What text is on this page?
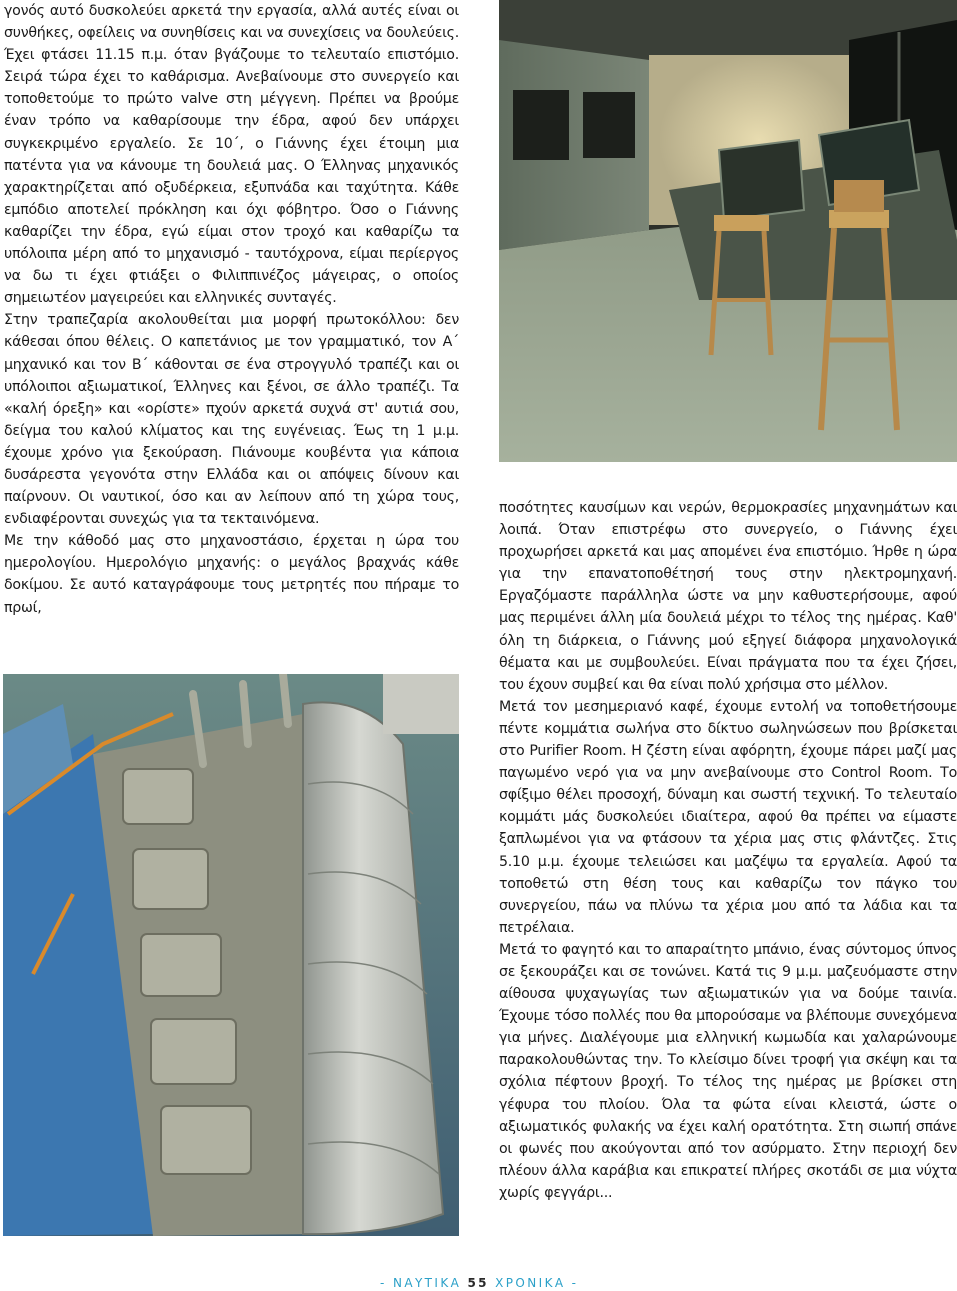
γονός αυτό δυσκολεύει αρκετά την εργασία, αλλά αυτές είναι οι συνθήκες, οφείλεις να συνηθίσεις και να συνεχίσεις να δουλεύεις. Έχει φτάσει 11.15 π.μ. όταν βγάζουμε το τελευταίο επιστόμιο. Σειρά τώρα έχει το καθάρισμα. Ανεβαίνουμε στο συνεργείο και τοποθετούμε το πρώτο valve στη μέγγενη. Πρέπει να βρούμε έναν τρόπο να καθαρίσουμε την έδρα, αφού δεν υπάρχει συγκεκριμένο εργαλείο. Σε 10΄, ο Γιάννης έχει έτοιμη μια πατέντα για να κάνουμε τη δουλειά μας. Ο Έλληνας μηχανικός χαρακτηρίζεται από οξυδέρκεια, εξυπνάδα και ταχύτητα. Κάθε εμπόδιο αποτελεί πρόκληση και όχι φόβητρο. Όσο ο Γιάννης καθαρίζει την έδρα, εγώ είμαι στον τροχό και καθαρίζω τα υπόλοιπα μέρη από το μηχανισμό - ταυτόχρονα, είμαι περίεργος να δω τι έχει φτιάξει ο Φιλιππινέζος μάγειρας, ο οποίος σημειωτέον μαγειρεύει και ελληνικές συνταγές.

Στην τραπεζαρία ακολουθείται μια μορφή πρωτοκόλλου: δεν κάθεσαι όπου θέλεις. Ο καπετάνιος με τον γραμματικό, τον Α΄ μηχανικό και τον Β΄ κάθονται σε ένα στρογγυλό τραπέζι και οι υπόλοιποι αξιωματικοί, Έλληνες και ξένοι, σε άλλο τραπέζι. Τα «καλή όρεξη» και «ορίστε» πχούν αρκετά συχνά στ' αυτιά σου, δείγμα του καλού κλίματος και της ευγένειας. Έως τη 1 μ.μ. έχουμε χρόνο για ξεκούραση. Πιάνουμε κουβέντα για κάποια δυσάρεστα γεγονότα στην Ελλάδα και οι απόψεις δίνουν και παίρνουν. Οι ναυτικοί, όσο και αν λείπουν από τη χώρα τους, ενδιαφέρονται συνεχώς για τα τεκταινόμενα.

Με την κάθοδό μας στο μηχανοστάσιο, έρχεται η ώρα του ημερολογίου. Ημερολόγιο μηχανής: ο μεγάλος βραχνάς κάθε δοκίμου. Σε αυτό καταγράφουμε τους μετρητές που πήραμε το πρωί,

ποσότητες καυσίμων και νερών, θερμοκρασίες μηχανημάτων και λοιπά. Όταν επιστρέφω στο συνεργείο, ο Γιάννης έχει προχωρήσει αρκετά και μας απομένει ένα επιστόμιο. Ήρθε η ώρα για την επανατοποθέτησή τους στην ηλεκτρομηχανή. Εργαζόμαστε παράλληλα ώστε να μην καθυστερήσουμε, αφού μας περιμένει άλλη μία δουλειά μέχρι το τέλος της ημέρας. Καθ' όλη τη διάρκεια, ο Γιάννης μού εξηγεί διάφορα μηχανολογικά θέματα και με συμβουλεύει. Είναι πράγματα που τα έχει ζήσει, του έχουν συμβεί και θα είναι πολύ χρήσιμα στο μέλλον.

Μετά τον μεσημεριανό καφέ, έχουμε εντολή να τοποθετήσουμε πέντε κομμάτια σωλήνα στο δίκτυο σωληνώσεων που βρίσκεται στο Purifier Room. Η ζέστη είναι αφόρητη, έχουμε πάρει μαζί μας παγωμένο νερό για να μην ανεβαίνουμε στο Control Room. Το σφίξιμο θέλει προσοχή, δύναμη και σωστή τεχνική. Το τελευταίο κομμάτι μάς δυσκολεύει ιδιαίτερα, αφού θα πρέπει να είμαστε ξαπλωμένοι για να φτάσουν τα χέρια μας στις φλάντζες. Στις 5.10 μ.μ. έχουμε τελειώσει και μαζέψω τα εργαλεία. Αφού τα τοποθετώ στη θέση τους και καθαρίζω τον πάγκο του συνεργείου, πάω να πλύνω τα χέρια μου από τα λάδια και τα πετρέλαια.

Μετά το φαγητό και το απαραίτητο μπάνιο, ένας σύντομος ύπνος σε ξεκουράζει και σε τονώνει. Κατά τις 9 μ.μ. μαζευόμαστε στην αίθουσα ψυχαγωγίας των αξιωματικών για να δούμε ταινία. Έχουμε τόσο πολλές που θα μπορούσαμε να βλέπουμε συνεχόμενα για μήνες. Διαλέγουμε μια ελληνική κωμωδία και χαλαρώνουμε παρακολουθώντας την. Το κλείσιμο δίνει τροφή για σκέψη και τα σχόλια πέφτουν βροχή. Το τέλος της ημέρας με βρίσκει στη γέφυρα του πλοίου. Όλα τα φώτα είναι κλειστά, ώστε ο αξιωματικός φυλακής να έχει καλή ορατότητα. Στη σιωπή σπάνε οι φωνές που ακούγονται από τον ασύρματο. Στην περιοχή δεν πλέουν άλλα καράβια και επικρατεί πλήρες σκοτάδι σε μια νύχτα χωρίς φεγγάρι...

- ΝΑΥΤΙΚΑ 55 ΧΡΟΝΙΚΑ -
